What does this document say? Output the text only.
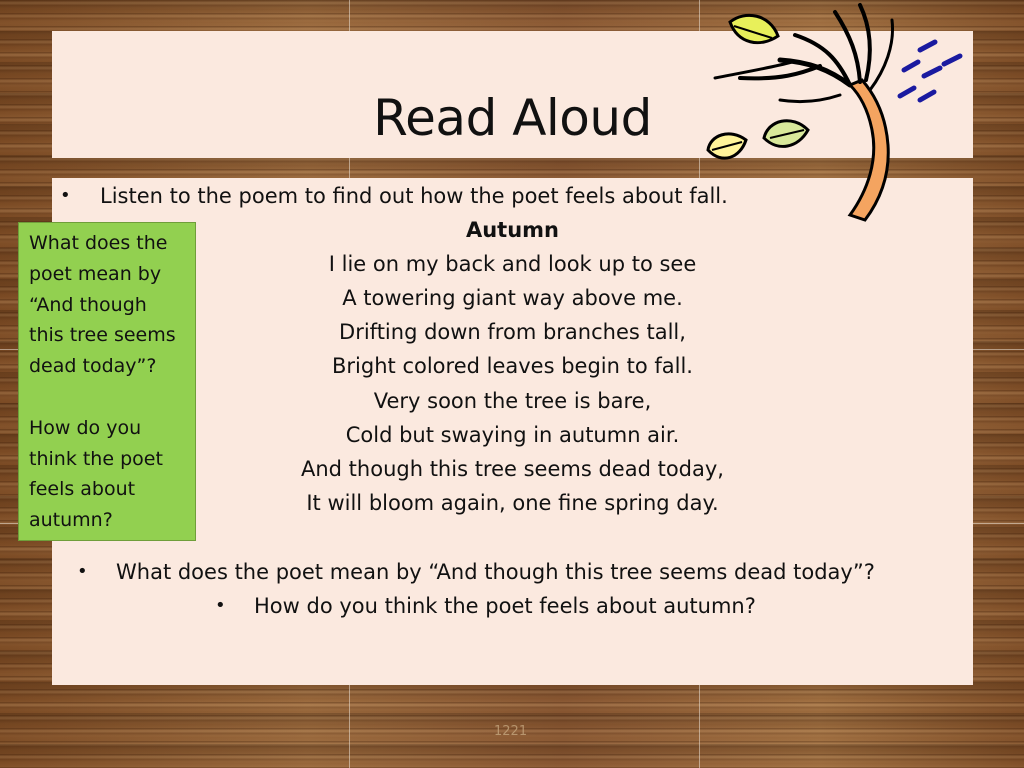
Read Aloud
• Listen to the poem to find out how the poet feels about fall.
Autumn
I lie on my back and look up to see
A towering giant way above me.
Drifting down from branches tall,
Bright colored leaves begin to fall.
Very soon the tree is bare,
Cold but swaying in autumn air.
And though this tree seems dead today,
It will bloom again, one fine spring day.
• What does the poet mean by “And though this tree seems dead today”?
• How do you think the poet feels about autumn?
What does the
poet mean by
“And though
this tree seems
dead today”?
How do you
think the poet
feels about
autumn?
1221
